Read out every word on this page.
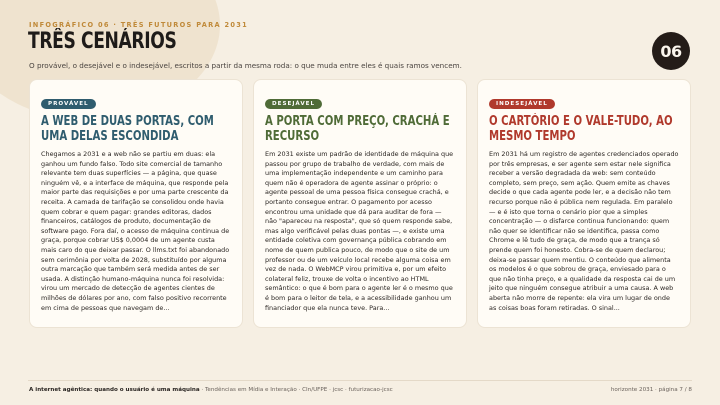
INFOGRÁFICO 06 · TRÊS FUTUROS PARA 2031
TRÊS CENÁRIOS
O provável, o desejável e o indesejável, escritos a partir da mesma roda: o que muda entre eles é quais ramos vencem.
06
PROVÁVEL
A WEB DE DUAS PORTAS, COM UMA DELAS ESCONDIDA
Chegamos a 2031 e a web não se partiu em duas: ela ganhou um fundo falso. Todo site comercial de tamanho relevante tem duas superfícies — a página, que quase ninguém vê, e a interface de máquina, que responde pela maior parte das requisições e por uma parte crescente da receita. A camada de tarifação se consolidou onde havia quem cobrar e quem pagar: grandes editoras, dados financeiros, catálogos de produto, documentação de software pago. Fora daí, o acesso de máquina continua de graça, porque cobrar US$ 0,0004 de um agente custa mais caro do que deixar passar. O llms.txt foi abandonado sem cerimônia por volta de 2028, substituído por alguma outra marcação que também será medida antes de ser usada. A distinção humano-máquina nunca foi resolvida: virou um mercado de detecção de agentes cientes de milhões de dólares por ano, com falso positivo recorrente em cima de pessoas que navegam de...
DESEJÁVEL
A PORTA COM PREÇO, CRACHÁ E RECURSO
Em 2031 existe um padrão de identidade de máquina que passou por grupo de trabalho de verdade, com mais de uma implementação independente e um caminho para quem não é operadora de agente assinar o próprio: o agente pessoal de uma pessoa física consegue crachá, e portanto consegue entrar. O pagamento por acesso encontrou uma unidade que dá para auditar de fora — não "apareceu na resposta", que só quem responde sabe, mas algo verificável pelas duas pontas —, e existe uma entidade coletiva com governança pública cobrando em nome de quem publica pouco, de modo que o site de um professor ou de um veículo local recebe alguma coisa em vez de nada. O WebMCP virou primitiva e, por um efeito colateral feliz, trouxe de volta o incentivo ao HTML semântico: o que é bom para o agente ler é o mesmo que é bom para o leitor de tela, e a acessibilidade ganhou um financiador que ela nunca teve. Para...
INDESEJÁVEL
O CARTÓRIO E O VALE-TUDO, AO MESMO TEMPO
Em 2031 há um registro de agentes credenciados operado por três empresas, e ser agente sem estar nele significa receber a versão degradada da web: sem conteúdo completo, sem preço, sem ação. Quem emite as chaves decide o que cada agente pode ler, e a decisão não tem recurso porque não é pública nem regulada. Em paralelo — e é isto que torna o cenário pior que a simples concentração — o disfarce continua funcionando: quem não quer se identificar não se identifica, passa como Chrome e lê tudo de graça, de modo que a trança só prende quem foi honesto. Cobra-se de quem declarou; deixa-se passar quem mentiu. O conteúdo que alimenta os modelos é o que sobrou de graça, enviesado para o que não tinha preço, e a qualidade da resposta cai de um jeito que ninguém consegue atribuir a uma causa. A web aberta não morre de repente: ela vira um lugar de onde as coisas boas foram retiradas. O sinal...
A internet agêntica: quando o usuário é uma máquina · Tendências em Mídia e Interação · CIn/UFPE · jcsc · futurizacao-jcsc	horizonte 2031 · página 7 / 8
